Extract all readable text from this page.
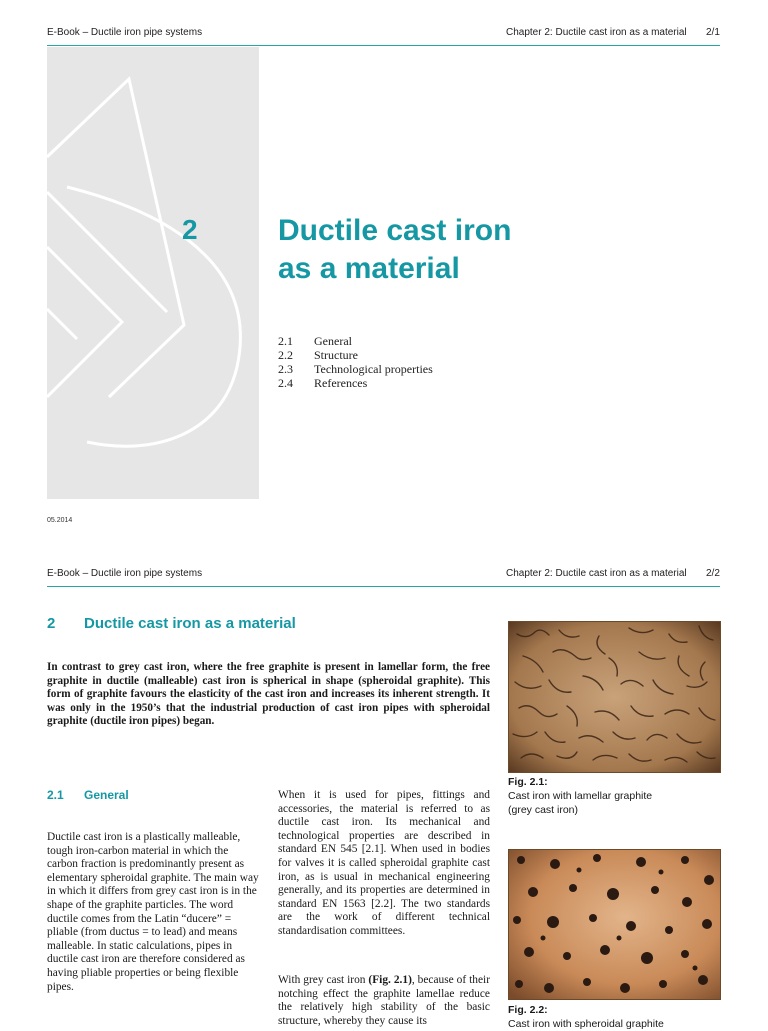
E-Book – Ductile iron pipe systems	Chapter 2: Ductile cast iron as a material 2/1
2	Ductile cast iron
as a material
2.1	General
2.2	Structure
2.3	Technological properties
2.4	References
05.2014
E-Book – Ductile iron pipe systems	Chapter 2: Ductile cast iron as a material 2/2
2 Ductile cast iron as a material
In contrast to grey cast iron, where the free graphite is present in lamellar form, the free graphite in ductile (malleable) cast iron is spherical in shape (spheroidal graphite). This form of graphite favours the elasticity of the cast iron and increases its inherent strength. It was only in the 1950’s that the industrial production of cast iron pipes with spheroidal graphite (ductile iron pipes) began.
2.1 General
Ductile cast iron is a plastically malleable, tough iron-carbon material in which the carbon fraction is predominantly present as elementary spheroidal graphite. The main way in which it differs from grey cast iron is in the shape of the graphite particles. The word ductile comes from the Latin “ducere” = pliable (from ductus = to lead) and means malleable. In static calculations, pipes in ductile cast iron are therefore considered as having pliable properties or being flexible pipes.
When it is used for pipes, fittings and accessories, the material is referred to as ductile cast iron. Its mechanical and technological properties are described in standard EN 545 [2.1]. When used in bodies for valves it is called spheroidal graphite cast iron, as is usual in mechanical engineering generally, and its properties are determined in standard EN 1563 [2.2]. The two standards are the work of different technical standardisation committees.
With grey cast iron (Fig. 2.1), because of their notching effect the graphite lamellae reduce the relatively high stability of the basic structure, whereby they cause its
Fig. 2.1:
Cast iron with lamellar graphite
(grey cast iron)
Fig. 2.2:
Cast iron with spheroidal graphite
